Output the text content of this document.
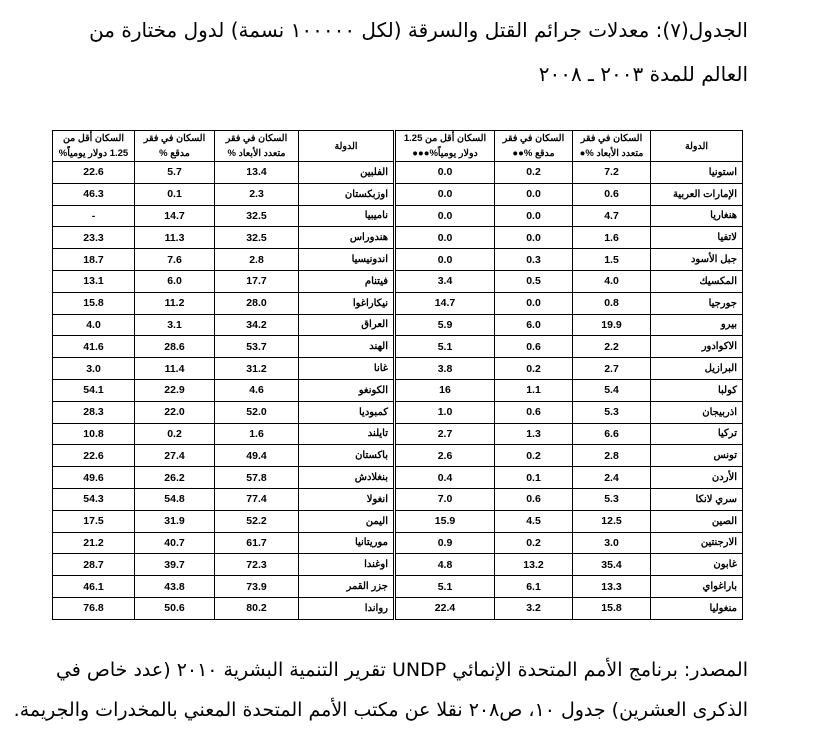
الجدول(٧): معدلات جرائم القتل والسرقة (لكل ١٠٠٠٠٠ نسمة) لدول مختارة من
العالم للمدة ٢٠٠٣ ـ ٢٠٠٨
الدولة	السكان في فقر متعدد الأبعاد %●	السكان في فقر مدقع %●●	السكان أقل من 1.25 دولار يومياً%●●●	الدولة	السكان في فقر متعدد الأبعاد %	السكان في فقر مدقع %	السكان أقل من 1.25 دولار يومياً%
استونيا	7.2	0.2	0.0	الفلبين	13.4	5.7	22.6
الإمارات العربية	0.6	0.0	0.0	اوزبكستان	2.3	0.1	46.3
هنغاريا	4.7	0.0	0.0	ناميبيا	32.5	14.7	-
لاتفيا	1.6	0.0	0.0	هندوراس	32.5	11.3	23.3
جبل الأسود	1.5	0.3	0.0	اندونيسيا	2.8	7.6	18.7
المكسيك	4.0	0.5	3.4	فيتنام	17.7	6.0	13.1
جورجيا	0.8	0.0	14.7	نيكاراغوا	28.0	11.2	15.8
بيرو	19.9	6.0	5.9	العراق	34.2	3.1	4.0
الاكوادور	2.2	0.6	5.1	الهند	53.7	28.6	41.6
البرازيل	2.7	0.2	3.8	غانا	31.2	11.4	3.0
كولبا	5.4	1.1	16	الكونغو	4.6	22.9	54.1
اذربيجان	5.3	0.6	1.0	كمبوديا	52.0	22.0	28.3
تركيا	6.6	1.3	2.7	تايلند	1.6	0.2	10.8
تونس	2.8	0.2	2.6	باكستان	49.4	27.4	22.6
الأردن	2.4	0.1	0.4	بنغلادش	57.8	26.2	49.6
سري لانكا	5.3	0.6	7.0	انغولا	77.4	54.8	54.3
الصين	12.5	4.5	15.9	اليمن	52.2	31.9	17.5
الارجنتين	3.0	0.2	0.9	موريتانيا	61.7	40.7	21.2
غابون	35.4	13.2	4.8	اوغندا	72.3	39.7	28.7
باراغواي	13.3	6.1	5.1	جزر القمر	73.9	43.8	46.1
منغوليا	15.8	3.2	22.4	رواندا	80.2	50.6	76.8
المصدر: برنامج الأمم المتحدة الإنمائي UNDP تقرير التنمية البشرية ٢٠١٠ (عدد خاص في
الذكرى العشرين) جدول ١٠، ص٢٠٨ نقلا عن مكتب الأمم المتحدة المعني بالمخدرات والجريمة.
